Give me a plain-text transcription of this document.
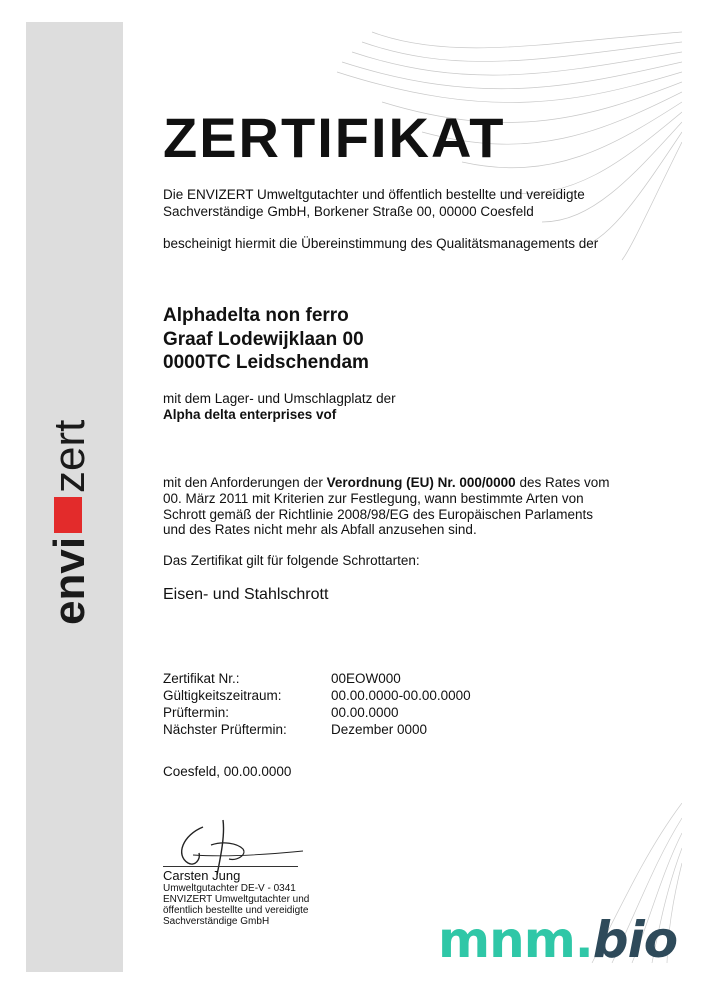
envi
zert
ZERTIFIKAT

Die ENVIZERT Umweltgutachter und öffentlich bestellte und vereidigte

Sachverständige GmbH, Borkener Straße 00, 00000 Coesfeld

bescheinigt hiermit die Übereinstimmung des Qualitätsmanagements der

Alphadelta non ferro

Graaf Lodewijklaan 00

0000TC Leidschendam

mit dem Lager- und Umschlagplatz der

Alpha delta enterprises vof

mit den Anforderungen der Verordnung (EU) Nr. 000/0000 des Rates vom

00. März 2011 mit Kriterien zur Festlegung, wann bestimmte Arten von

Schrott gemäß der Richtlinie 2008/98/EG des Europäischen Parlaments

und des Rates nicht mehr als Abfall anzusehen sind.

Das Zertifikat gilt für folgende Schrottarten:

Eisen- und Stahlschrott

Zertifikat Nr.:	00EOW000
Gültigkeitszeitraum:	00.00.0000-00.00.0000
Prüftermin:	00.00.0000
Nächster Prüftermin:	Dezember 0000

Coesfeld, 00.00.0000

Carsten Jung
Umweltgutachter DE-V - 0341
ENVIZERT Umweltgutachter und
öffentlich bestellte und vereidigte
Sachverständige GmbH	mnm.bio
